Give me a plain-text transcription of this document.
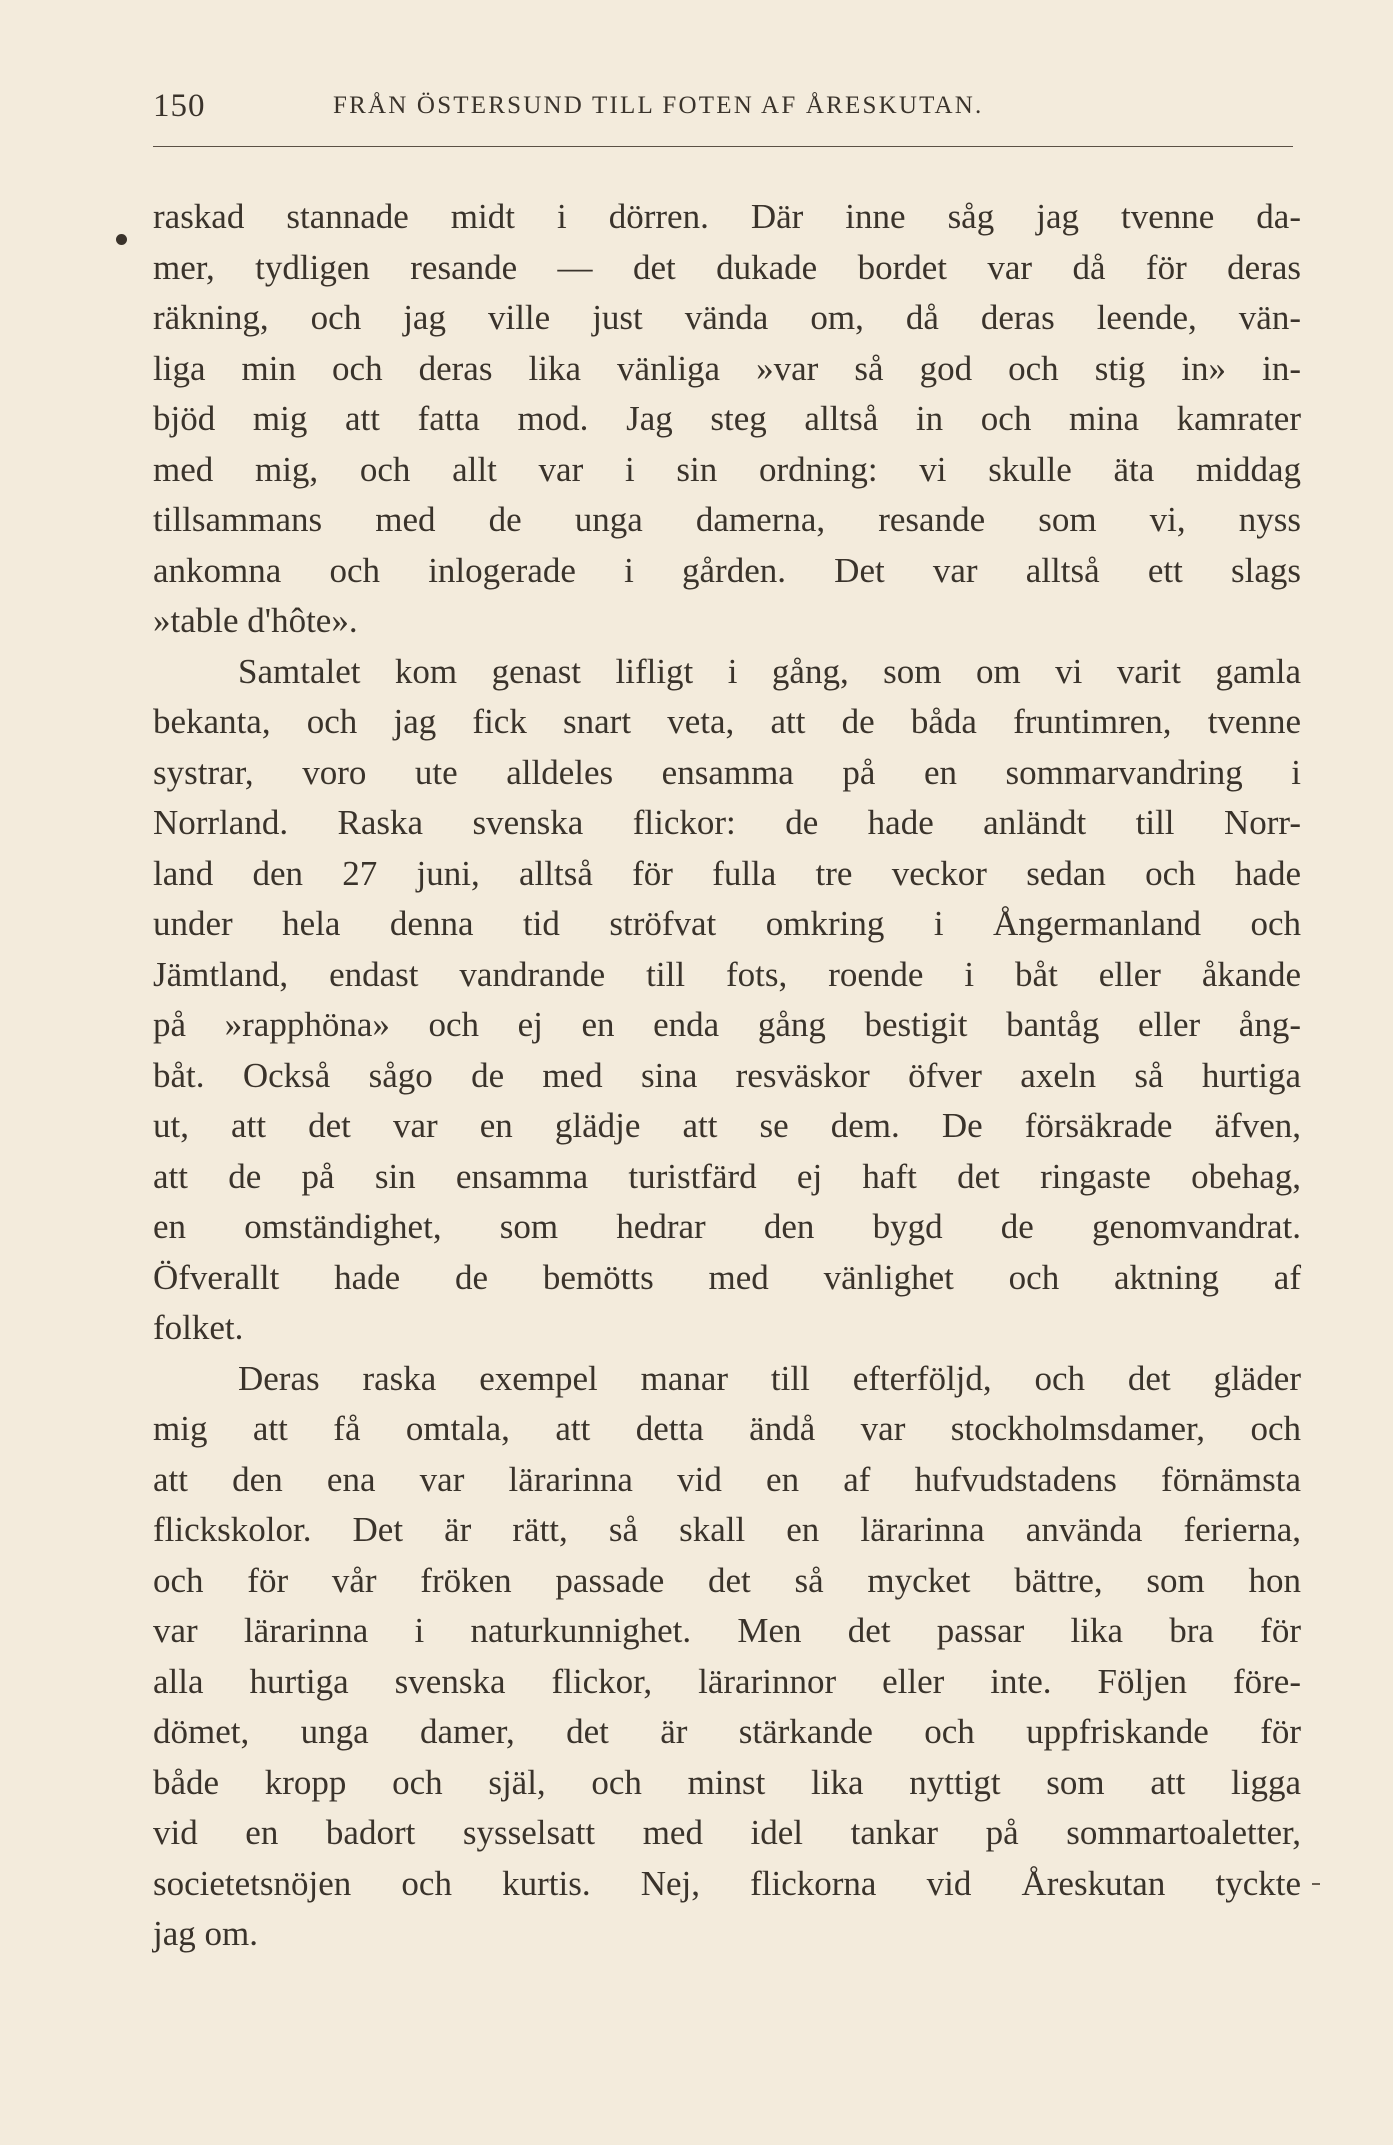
150	FRÅN ÖSTERSUND TILL FOTEN AF ÅRESKUTAN.
raskad stannade midt i dörren. Där inne såg jag tvenne da-
mer, tydligen resande — det dukade bordet var då för deras
räkning, och jag ville just vända om, då deras leende, vän-
liga min och deras lika vänliga »var så god och stig in» in-
bjöd mig att fatta mod. Jag steg alltså in och mina kamrater
med mig, och allt var i sin ordning: vi skulle äta middag
tillsammans med de unga damerna, resande som vi, nyss
ankomna och inlogerade i gården. Det var alltså ett slags
»table d'hôte».
Samtalet kom genast lifligt i gång, som om vi varit gamla
bekanta, och jag fick snart veta, att de båda fruntimren, tvenne
systrar, voro ute alldeles ensamma på en sommarvandring i
Norrland. Raska svenska flickor: de hade anländt till Norr-
land den 27 juni, alltså för fulla tre veckor sedan och hade
under hela denna tid ströfvat omkring i Ångermanland och
Jämtland, endast vandrande till fots, roende i båt eller åkande
på »rapphöna» och ej en enda gång bestigit bantåg eller ång-
båt. Också sågo de med sina resväskor öfver axeln så hurtiga
ut, att det var en glädje att se dem. De försäkrade äfven,
att de på sin ensamma turistfärd ej haft det ringaste obehag,
en omständighet, som hedrar den bygd de genomvandrat.
Öfverallt hade de bemötts med vänlighet och aktning af
folket.
Deras raska exempel manar till efterföljd, och det gläder
mig att få omtala, att detta ändå var stockholmsdamer, och
att den ena var lärarinna vid en af hufvudstadens förnämsta
flickskolor. Det är rätt, så skall en lärarinna använda ferierna,
och för vår fröken passade det så mycket bättre, som hon
var lärarinna i naturkunnighet. Men det passar lika bra för
alla hurtiga svenska flickor, lärarinnor eller inte. Följen före-
dömet, unga damer, det är stärkande och uppfriskande för
både kropp och själ, och minst lika nyttigt som att ligga
vid en badort sysselsatt med idel tankar på sommartoaletter,
societetsnöjen och kurtis. Nej, flickorna vid Åreskutan tyckte
jag om.
